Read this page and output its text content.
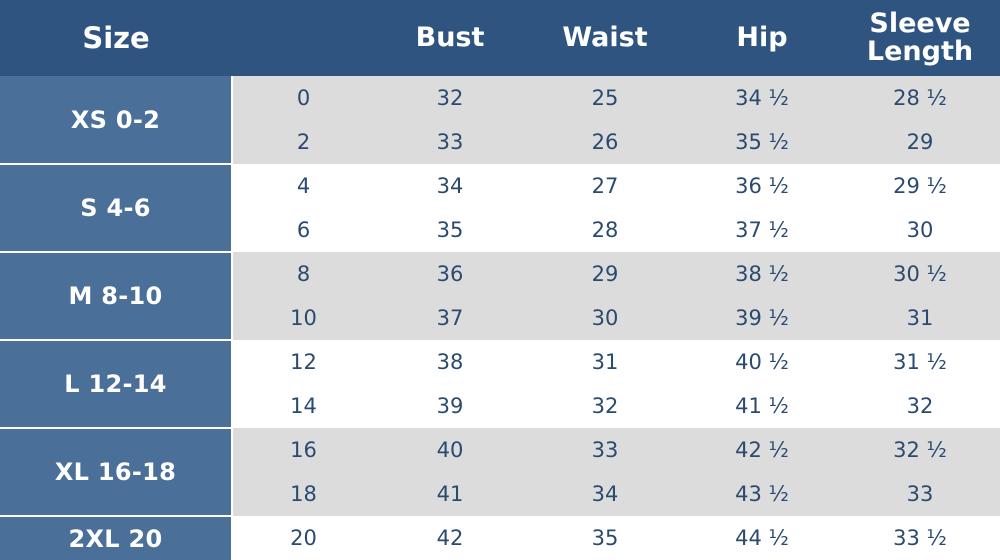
Size		Bust	Waist	Hip	Sleeve Length
XS 0-2	0	32	25	34 ½	28 ½
	2	33	26	35 ½	29
S 4-6	4	34	27	36 ½	29 ½
	6	35	28	37 ½	30
M 8-10	8	36	29	38 ½	30 ½
	10	37	30	39 ½	31
L 12-14	12	38	31	40 ½	31 ½
	14	39	32	41 ½	32
XL 16-18	16	40	33	42 ½	32 ½
	18	41	34	43 ½	33
2XL 20	20	42	35	44 ½	33 ½
